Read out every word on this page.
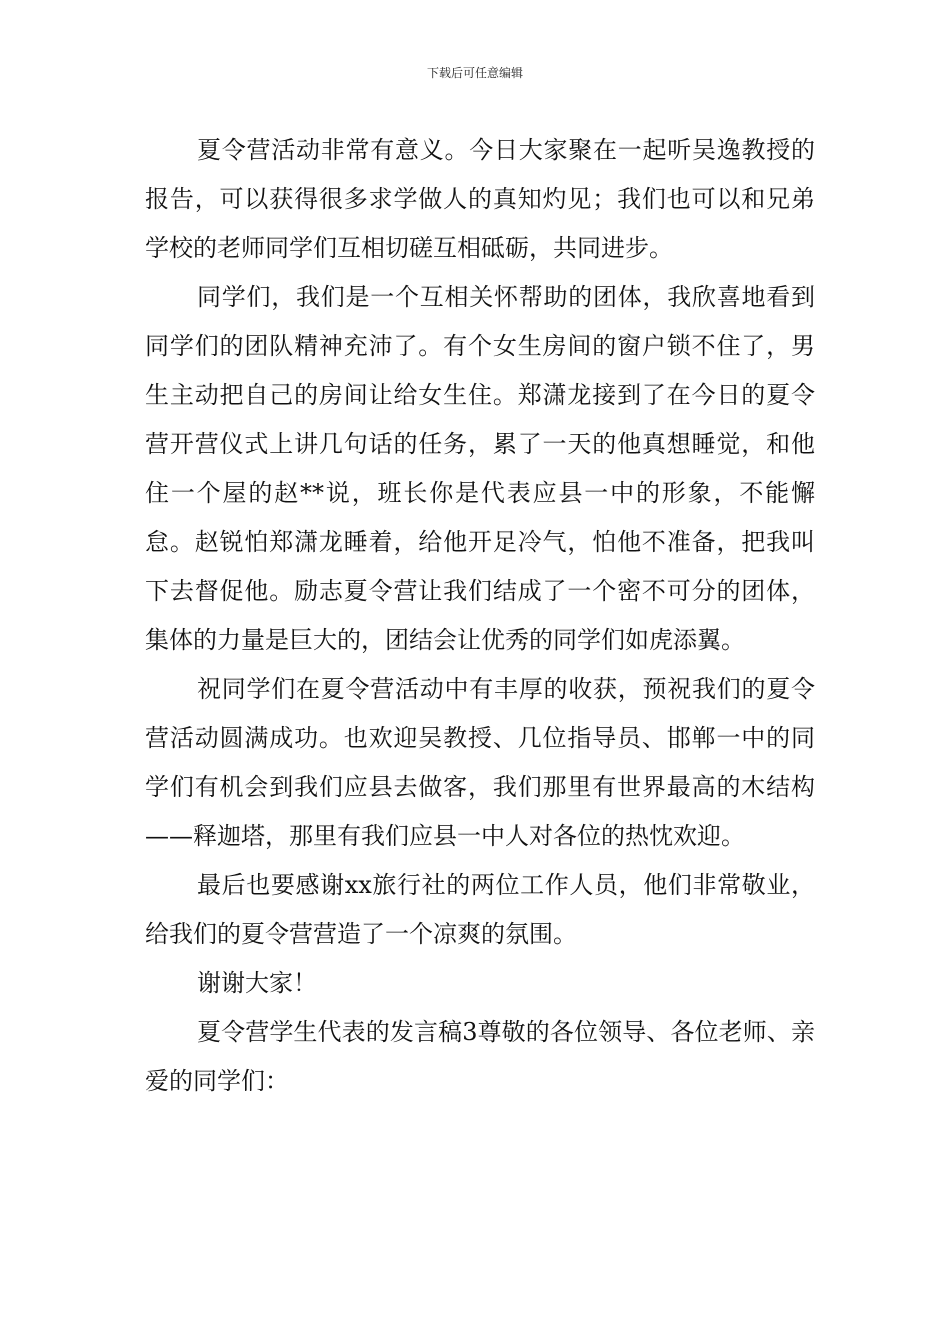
下载后可任意编辑

夏令营活动非常有意义。今日大家聚在一起听吴逸教授的报告，可以获得很多求学做人的真知灼见；我们也可以和兄弟学校的老师同学们互相切磋互相砥砺，共同进步。

同学们，我们是一个互相关怀帮助的团体，我欣喜地看到同学们的团队精神充沛了。有个女生房间的窗户锁不住了，男生主动把自己的房间让给女生住。郑潇龙接到了在今日的夏令营开营仪式上讲几句话的任务，累了一天的他真想睡觉，和他住一个屋的赵**说，班长你是代表应县一中的形象，不能懈怠。赵锐怕郑潇龙睡着，给他开足冷气，怕他不准备，把我叫下去督促他。励志夏令营让我们结成了一个密不可分的团体，集体的力量是巨大的，团结会让优秀的同学们如虎添翼。

祝同学们在夏令营活动中有丰厚的收获，预祝我们的夏令营活动圆满成功。也欢迎吴教授、几位指导员、邯郸一中的同学们有机会到我们应县去做客，我们那里有世界最高的木结构——释迦塔，那里有我们应县一中人对各位的热忱欢迎。

最后也要感谢xx旅行社的两位工作人员，他们非常敬业，给我们的夏令营营造了一个凉爽的氛围。

谢谢大家！

夏令营学生代表的发言稿3尊敬的各位领导、各位老师、亲爱的同学们：
